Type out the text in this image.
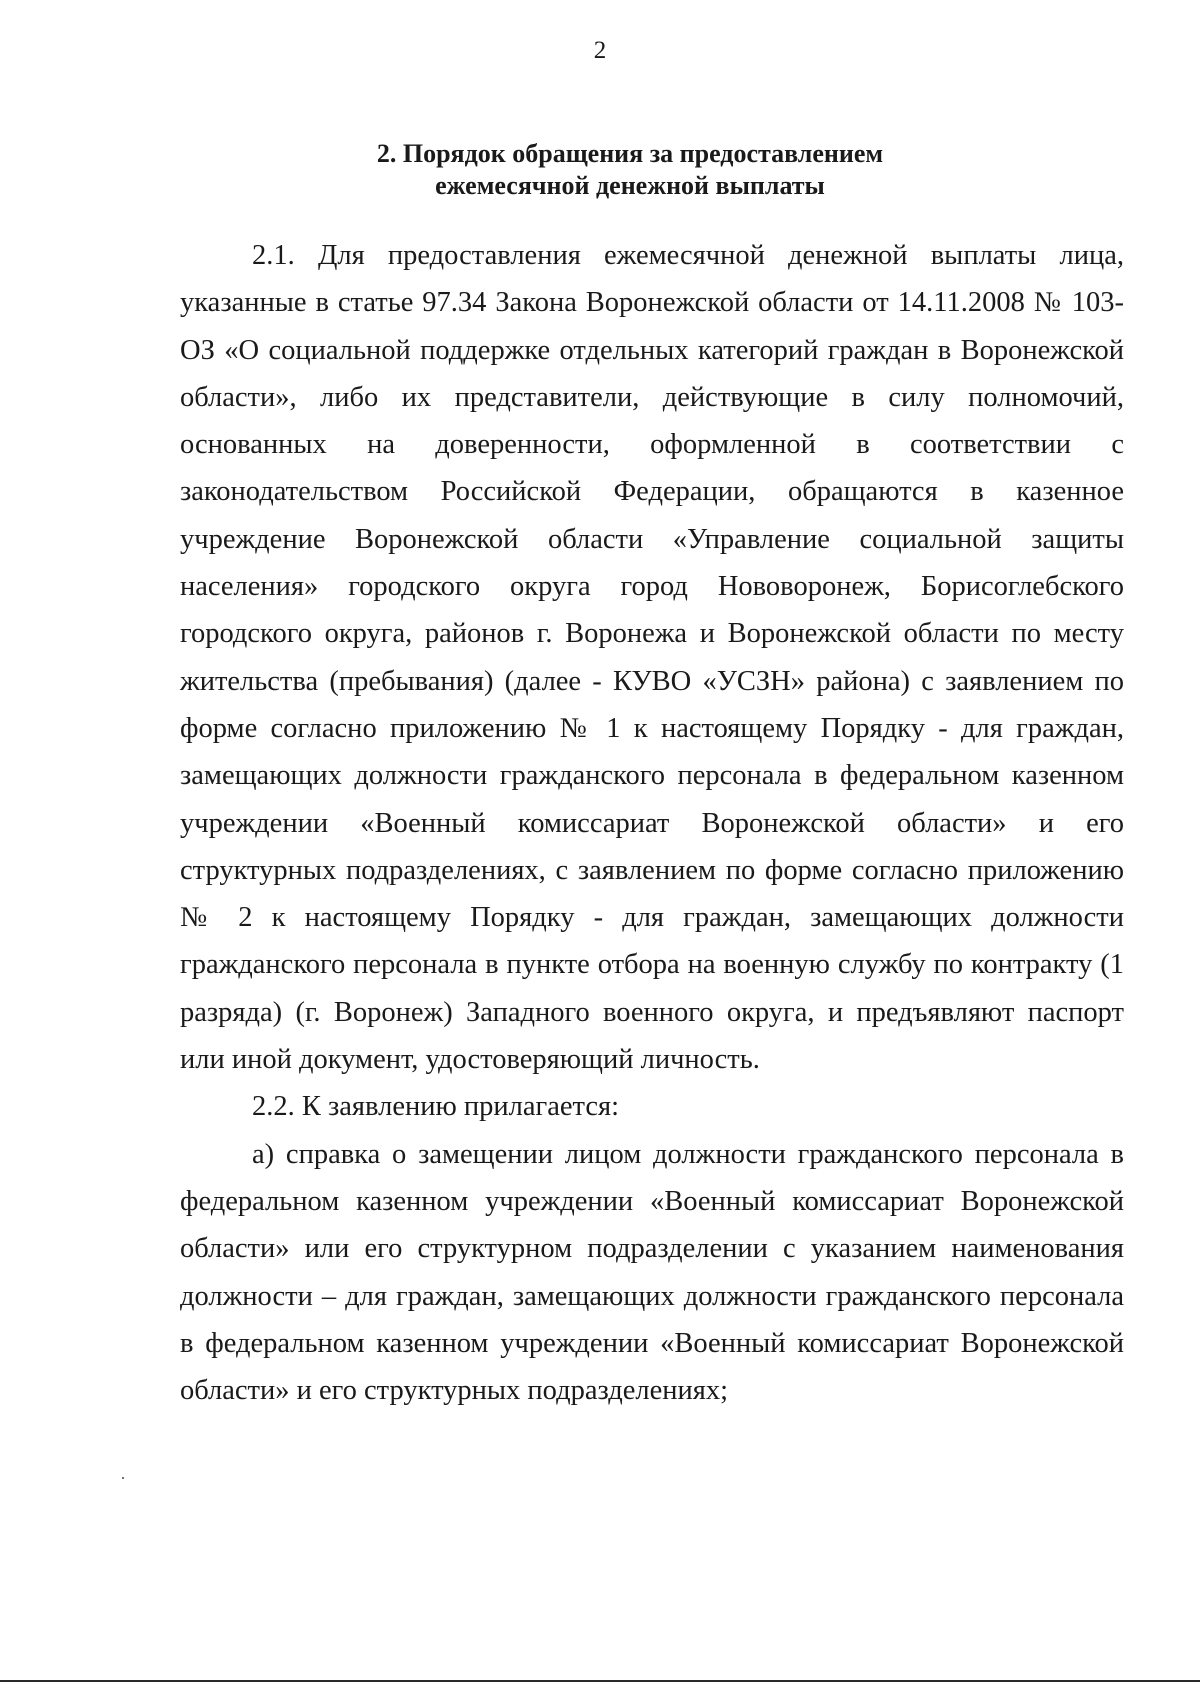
2
2. Порядок обращения за предоставлением
ежемесячной денежной выплаты

2.1. Для предоставления ежемесячной денежной выплаты лица, указанные в статье 97.34 Закона Воронежской области от 14.11.2008 № 103-ОЗ «О социальной поддержке отдельных категорий граждан в Воронежской области», либо их представители, действующие в силу полномочий, основанных на доверенности, оформленной в соответствии с законодательством Российской Федерации, обращаются в казенное учреждение Воронежской области «Управление социальной защиты населения» городского округа город Нововоронеж, Борисоглебского городского округа, районов г. Воронежа и Воронежской области по месту жительства (пребывания) (далее - КУВО «УСЗН» района) с заявлением по форме согласно приложению № 1 к настоящему Порядку - для граждан, замещающих должности гражданского персонала в федеральном казенном учреждении «Военный комиссариат Воронежской области» и его структурных подразделениях, с заявлением по форме согласно приложению № 2 к настоящему Порядку - для граждан, замещающих должности гражданского персонала в пункте отбора на военную службу по контракту (1 разряда) (г. Воронеж) Западного военного округа, и предъявляют паспорт или иной документ, удостоверяющий личность.

2.2. К заявлению прилагается:

а) справка о замещении лицом должности гражданского персонала в федеральном казенном учреждении «Военный комиссариат Воронежской области» или его структурном подразделении с указанием наименования должности – для граждан, замещающих должности гражданского персонала в федеральном казенном учреждении «Военный комиссариат Воронежской области» и его структурных подразделениях;
